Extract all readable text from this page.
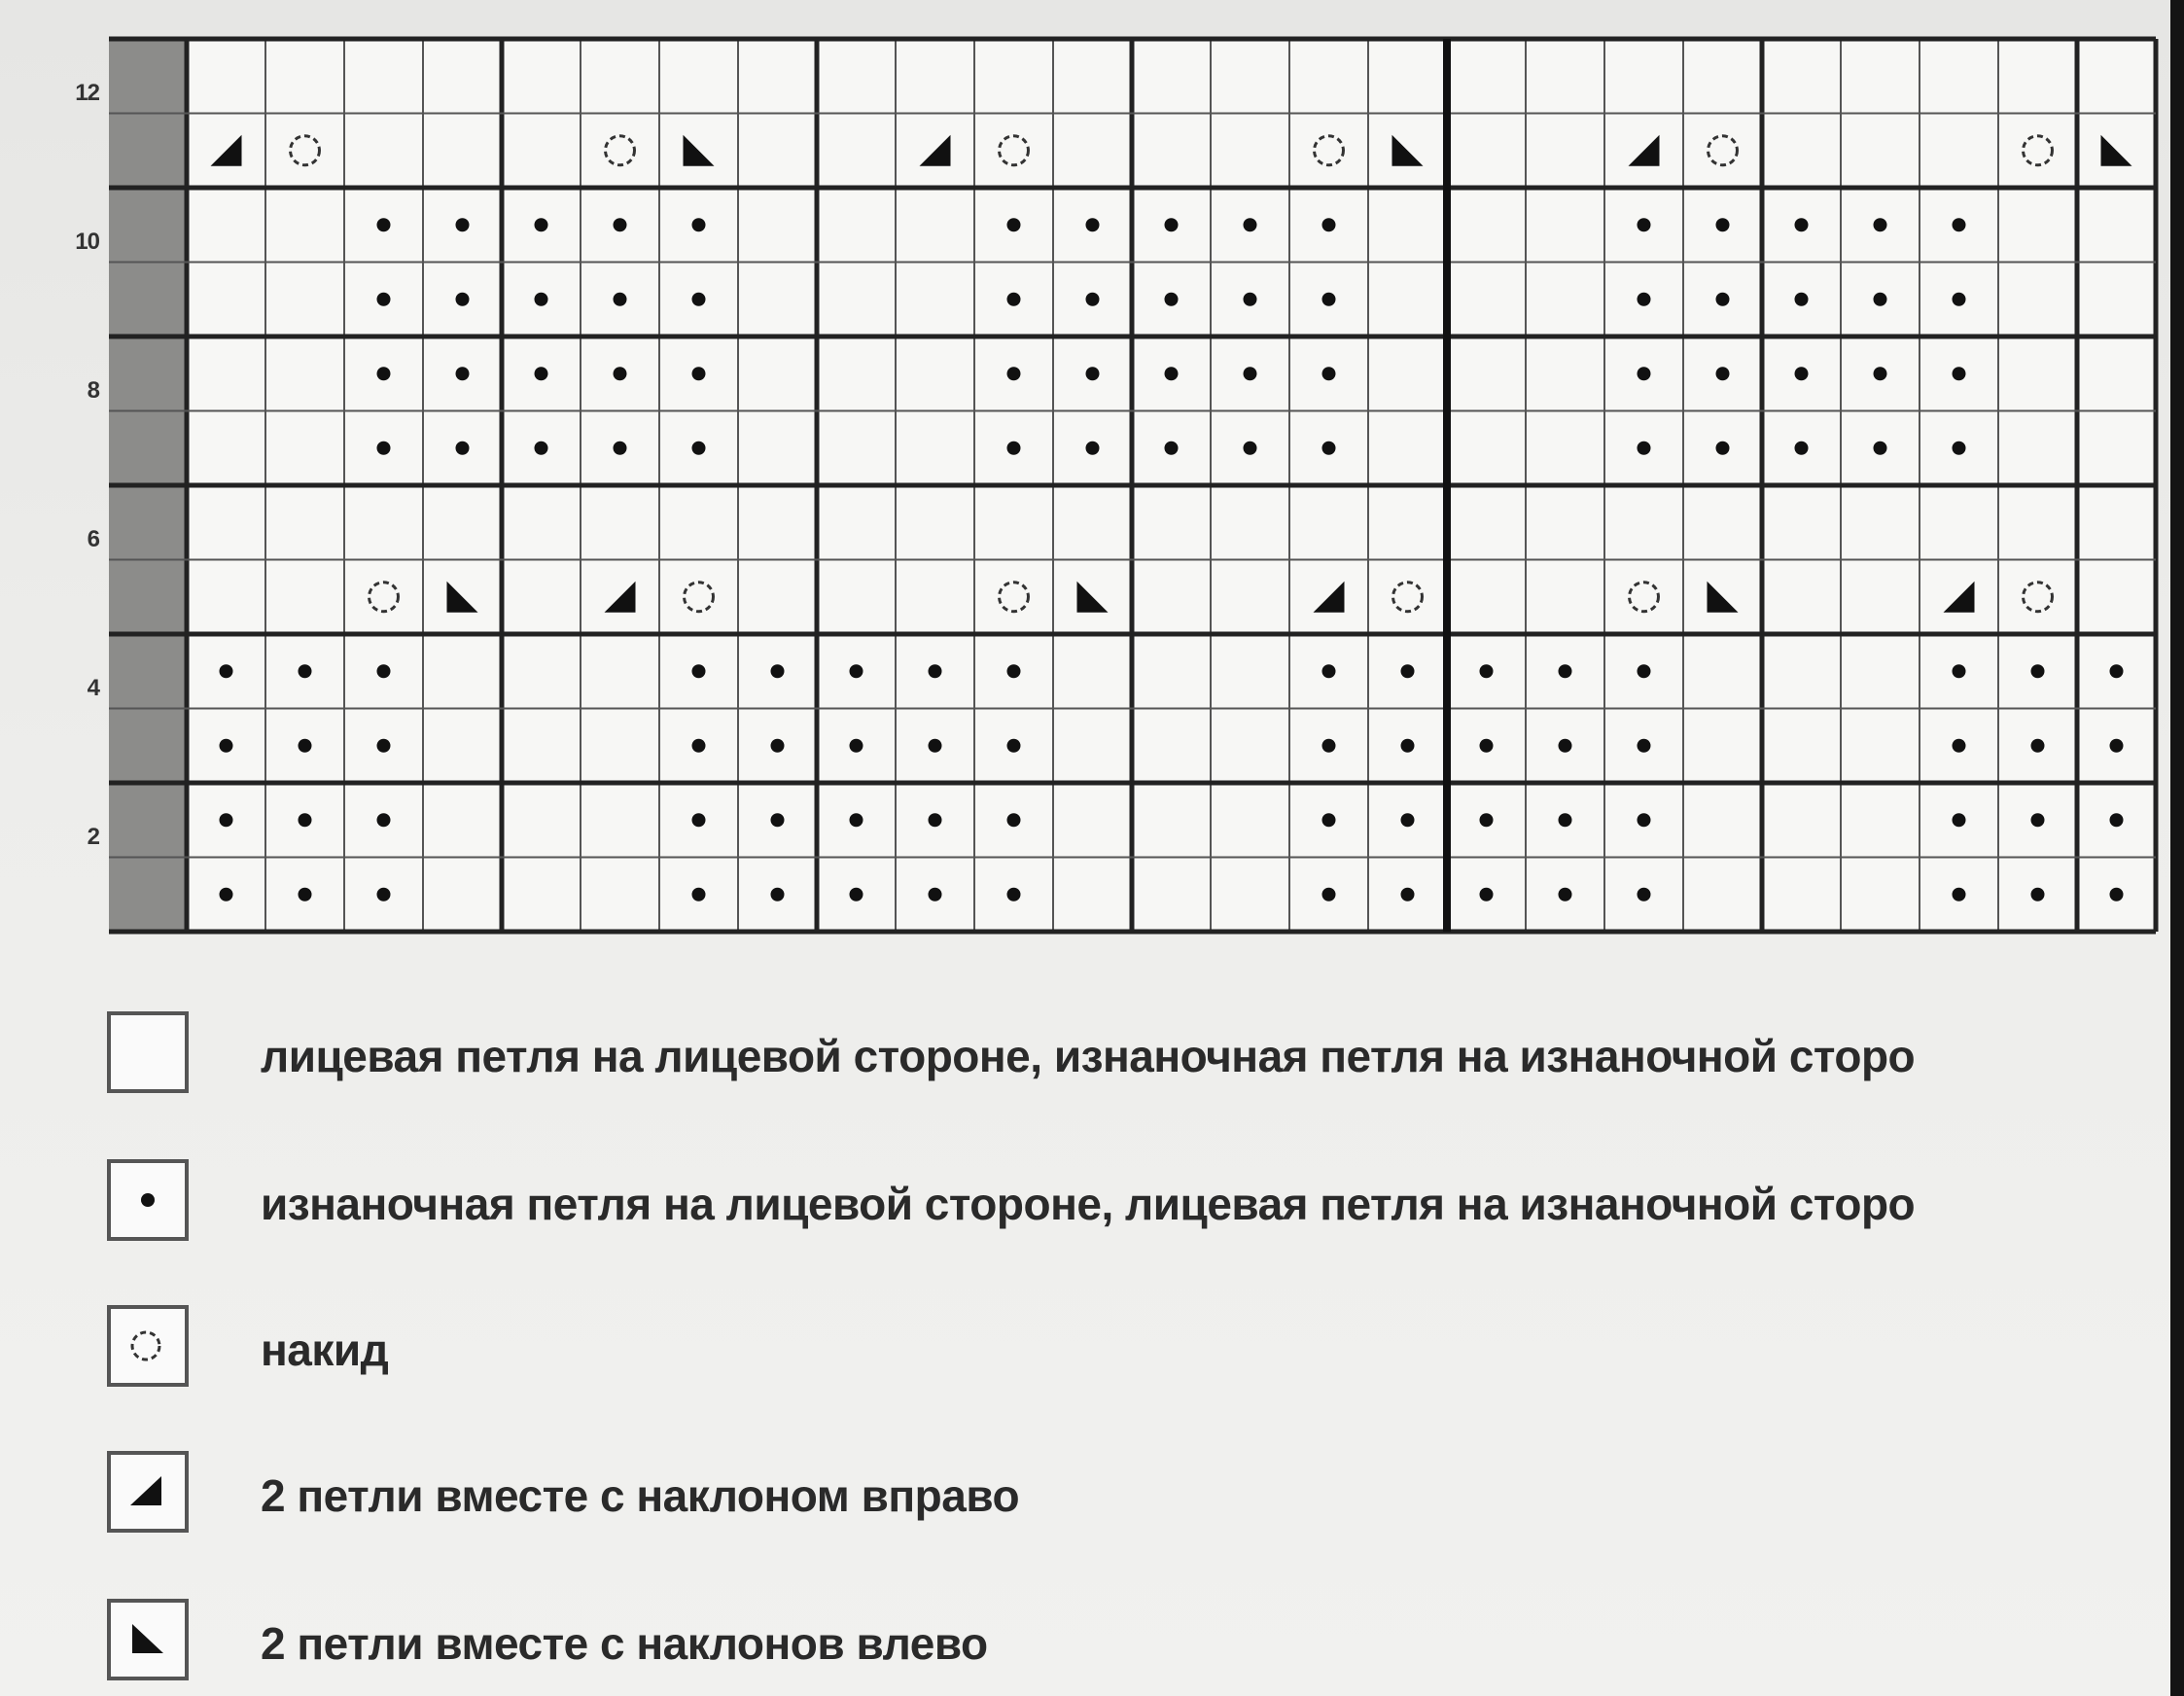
12
10
8
6
4
2
лицевая петля на лицевой стороне, изнаночная петля на изнаночной сторо
изнаночная петля на лицевой стороне, лицевая петля на изнаночной сторо
накид
2 петли вместе с наклоном вправо
2 петли вместе с наклонов влево
